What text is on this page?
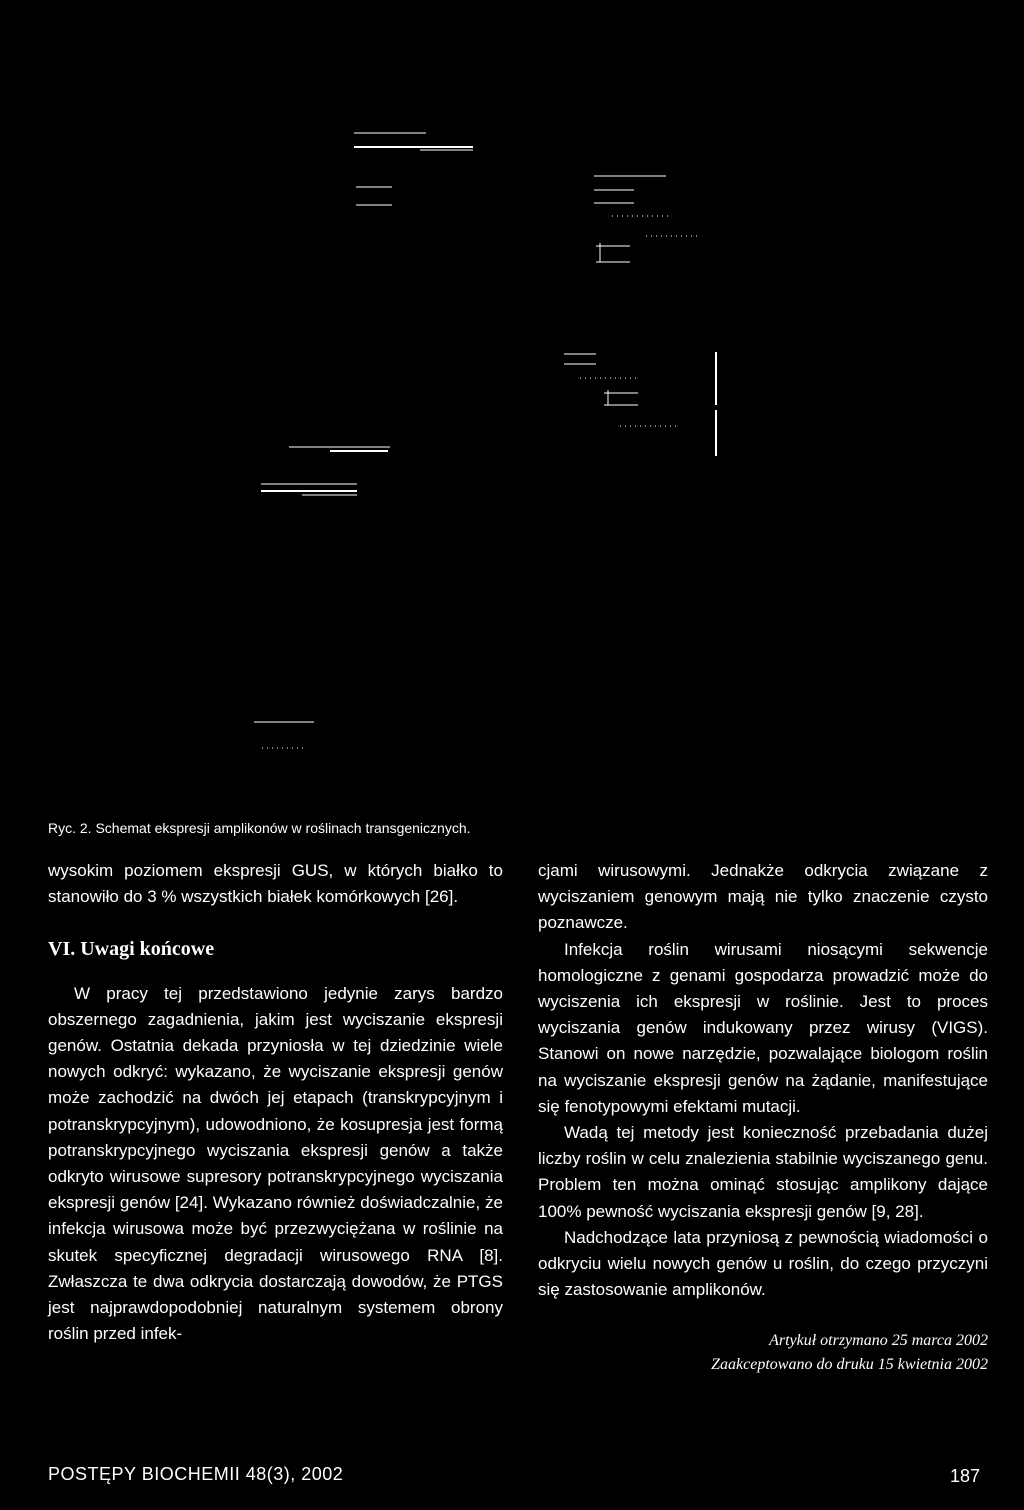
Ryc. 2. Schemat ekspresji amplikonów w roślinach transgenicznych.

wysokim poziomem ekspresji GUS, w których białko to stanowiło do 3 % wszystkich białek komórkowych [26].

VI. Uwagi końcowe

W pracy tej przedstawiono jedynie zarys bardzo obszernego zagadnienia, jakim jest wyciszanie ekspresji genów. Ostatnia dekada przyniosła w tej dziedzinie wiele nowych odkryć: wykazano, że wyciszanie ekspresji genów może zachodzić na dwóch jej etapach (transkrypcyjnym i potranskrypcyjnym), udowodniono, że kosupresja jest formą potranskrypcyjnego wyciszania ekspresji genów a także odkryto wirusowe supresory potranskrypcyjnego wyciszania ekspresji genów [24]. Wykazano również doświadczalnie, że infekcja wirusowa może być przezwyciężana w roślinie na skutek specyficznej degradacji wirusowego RNA [8]. Zwłaszcza te dwa odkrycia dostarczają dowodów, że PTGS jest najprawdopodobniej naturalnym systemem obrony roślin przed infek-

cjami wirusowymi. Jednakże odkrycia związane z wyciszaniem genowym mają nie tylko znaczenie czysto poznawcze.

Infekcja roślin wirusami niosącymi sekwencje homologiczne z genami gospodarza prowadzić może do wyciszenia ich ekspresji w roślinie. Jest to proces wyciszania genów indukowany przez wirusy (VIGS). Stanowi on nowe narzędzie, pozwalające biologom roślin na wyciszanie ekspresji genów na żądanie, manifestujące się fenotypowymi efektami mutacji.

Wadą tej metody jest konieczność przebadania dużej liczby roślin w celu znalezienia stabilnie wyciszanego genu. Problem ten można ominąć stosując amplikony dające 100% pewność wyciszania ekspresji genów [9, 28].

Nadchodzące lata przyniosą z pewnością wiadomości o odkryciu wielu nowych genów u roślin, do czego przyczyni się zastosowanie amplikonów.

Artykuł otrzymano 25 marca 2002

Zaakceptowano do druku 15 kwietnia 2002

POSTĘPY BIOCHEMII 48(3), 2002	187
